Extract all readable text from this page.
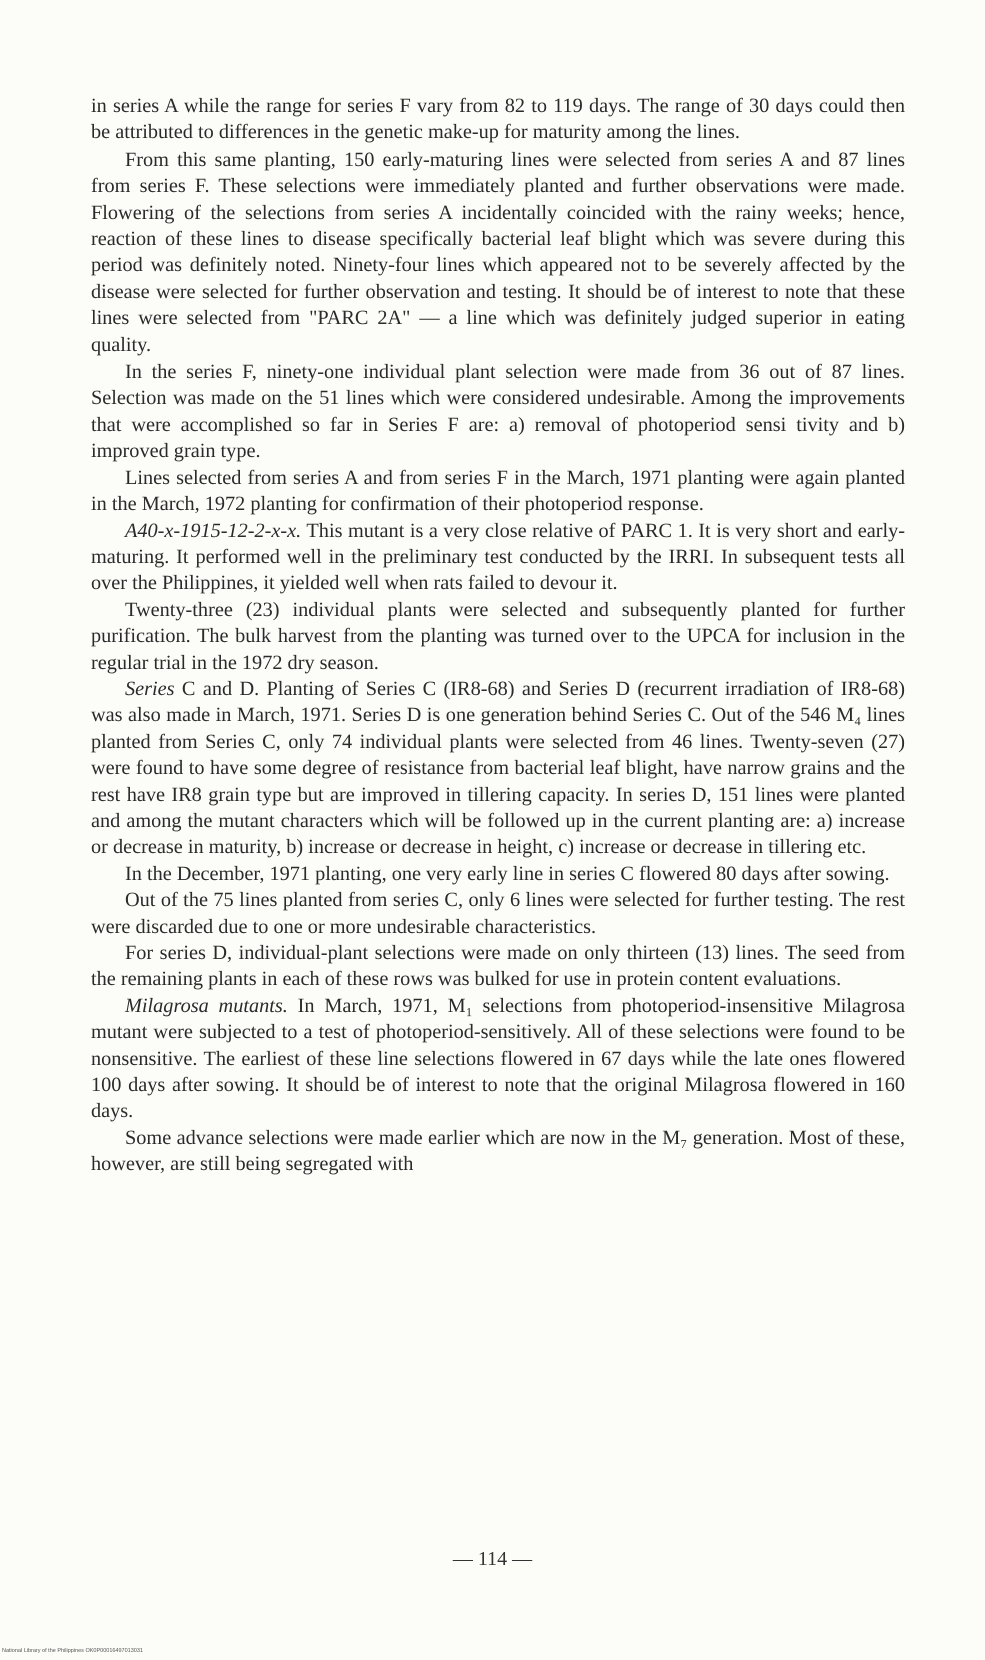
in series A while the range for series F vary from 82 to 119 days. The range of 30 days could then be attributed to differences in the genetic make-up for maturity among the lines.

From this same planting, 150 early-maturing lines were selected from series A and 87 lines from series F. These selections were immediately planted and further observations were made. Flowering of the selections from series A incidentally coincided with the rainy weeks; hence, reaction of these lines to disease specifically bacterial leaf blight which was severe during this period was definitely noted. Ninety-four lines which appeared not to be severely affected by the disease were selected for further observation and testing. It should be of interest to note that these lines were selected from "PARC 2A" — a line which was definitely judged superior in eating quality.

In the series F, ninety-one individual plant selection were made from 36 out of 87 lines. Selection was made on the 51 lines which were considered undesirable. Among the improvements that were accomplished so far in Series F are: a) removal of photoperiod sensi tivity and b) improved grain type.

Lines selected from series A and from series F in the March, 1971 planting were again planted in the March, 1972 planting for confirmation of their photoperiod response.

A40-x-1915-12-2-x-x. This mutant is a very close relative of PARC 1. It is very short and early-maturing. It performed well in the preliminary test conducted by the IRRI. In subsequent tests all over the Philippines, it yielded well when rats failed to devour it.

Twenty-three (23) individual plants were selected and subsequently planted for further purification. The bulk harvest from the planting was turned over to the UPCA for inclusion in the regular trial in the 1972 dry season.

Series C and D. Planting of Series C (IR8-68) and Series D (recurrent irradiation of IR8-68) was also made in March, 1971. Series D is one generation behind Series C. Out of the 546 M₄ lines planted from Series C, only 74 individual plants were selected from 46 lines. Twenty-seven (27) were found to have some degree of resistance from bacterial leaf blight, have narrow grains and the rest have IR8 grain type but are improved in tillering capacity. In series D, 151 lines were planted and among the mutant characters which will be followed up in the current planting are: a) increase or decrease in maturity, b) increase or decrease in height, c) increase or decrease in tillering etc.

In the December, 1971 planting, one very early line in series C flowered 80 days after sowing.

Out of the 75 lines planted from series C, only 6 lines were selected for further testing. The rest were discarded due to one or more undesirable characteristics.

For series D, individual-plant selections were made on only thirteen (13) lines. The seed from the remaining plants in each of these rows was bulked for use in protein content evaluations.

Milagrosa mutants. In March, 1971, M₁ selections from photoperiod-insensitive Milagrosa mutant were subjected to a test of photoperiod-sensitively. All of these selections were found to be nonsensitive. The earliest of these line selections flowered in 67 days while the late ones flowered 100 days after sowing. It should be of interest to note that the original Milagrosa flowered in 160 days.

Some advance selections were made earlier which are now in the M₇ generation. Most of these, however, are still being segregated with

— 114 —
National Library of the Philippines OK0P00016497013031
